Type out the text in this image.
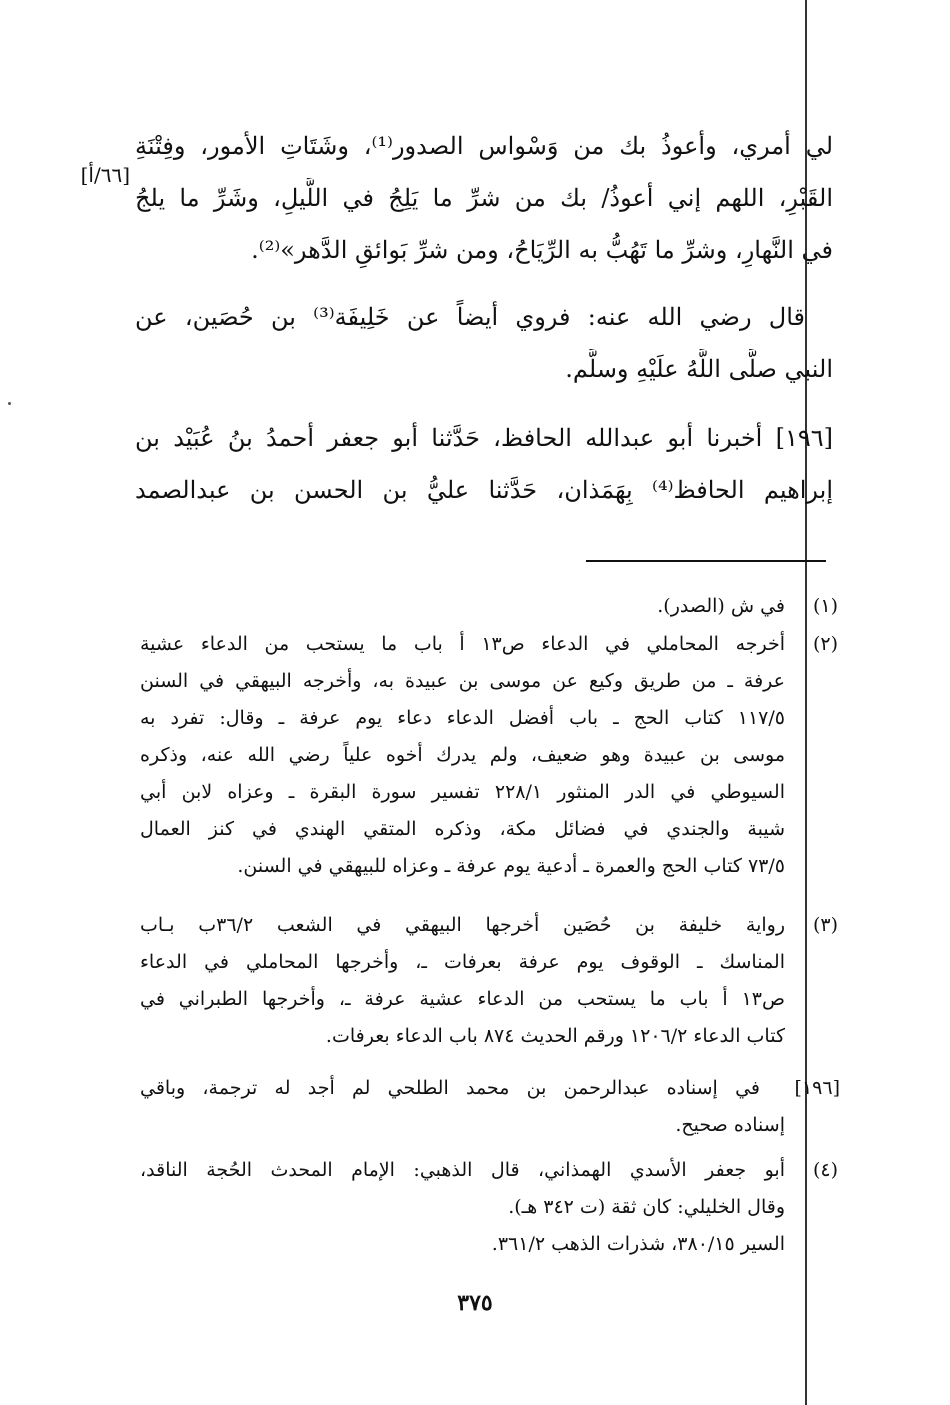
لي أمري، وأعوذُ بك من وَسْواس الصدور⁽¹⁾، وشَتَاتِ الأمور، وفِتْنَةِ
القَبْرِ، اللهم إني أعوذُ/ بك من شرِّ ما يَلِجُ في اللَّيلِ، وشَرِّ ما يلجُ
في النَّهارِ، وشرِّ ما تَهُبُّ به الرِّيَاحُ، ومن شرِّ بَوائقِ الدَّهر»⁽²⁾.
[٦٦/أ]
قال رضي الله عنه: فروي أيضاً عن خَلِيفَة⁽³⁾ بن حُصَين، عن
النبي صلَّى اللَّهُ علَيْهِ وسلَّم.
[١٩٦] أخبرنا أبو عبدالله الحافظ، حَدَّثنا أبو جعفر أحمدُ بنُ عُبَيْد بن
إبراهيم الحافظ⁽⁴⁾ بِهَمَذان، حَدَّثنا عليُّ بن الحسن بن عبدالصمد
(١)
في ش (الصدر).
(٢)
أخرجه المحاملي في الدعاء ص١٣ أ باب ما يستحب من الدعاء عشية
عرفة ـ من طريق وكيع عن موسى بن عبيدة به، وأخرجه البيهقي في السنن
١١٧/٥ كتاب الحج ـ باب أفضل الدعاء دعاء يوم عرفة ـ وقال: تفرد به
موسى بن عبيدة وهو ضعيف، ولم يدرك أخوه علياً رضي الله عنه، وذكره
السيوطي في الدر المنثور ٢٢٨/١ تفسير سورة البقرة ـ وعزاه لابن أبي
شيبة والجندي في فضائل مكة، وذكره المتقي الهندي في كنز العمال
٧٣/٥ كتاب الحج والعمرة ـ أدعية يوم عرفة ـ وعزاه للبيهقي في السنن.
(٣)
رواية خليفة بن حُصَين أخرجها البيهقي في الشعب ٣٦/٢ب بـاب
المناسك ـ الوقوف يوم عرفة بعرفات ـ، وأخرجها المحاملي في الدعاء
ص١٣ أ باب ما يستحب من الدعاء عشية عرفة ـ، وأخرجها الطبراني في
كتاب الدعاء ١٢٠٦/٢ ورقم الحديث ٨٧٤ باب الدعاء بعرفات.
[١٩٦]
في إسناده عبدالرحمن بن محمد الطلحي لم أجد له ترجمة، وباقي
إسناده صحيح.
(٤)
أبو جعفر الأسدي الهمذاني، قال الذهبي: الإمام المحدث الحُجة الناقد،
وقال الخليلي: كان ثقة (ت ٣٤٢ هـ).
السير ٣٨٠/١٥، شذرات الذهب ٣٦١/٢.
٣٧٥
